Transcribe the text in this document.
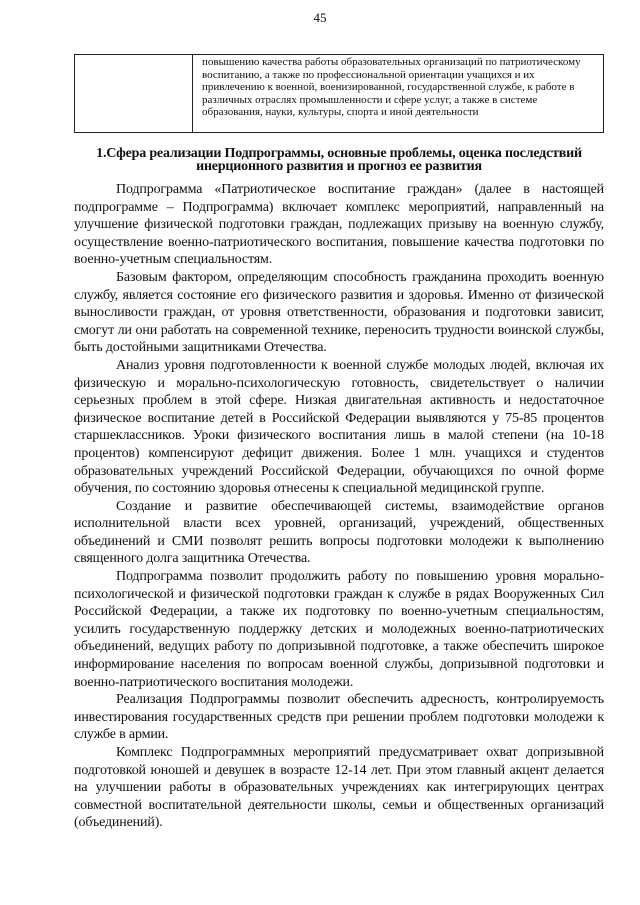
45
повышению качества работы образовательных организаций по патриотическому воспитанию, а также по профессиональной ориентации учащихся и их привлечению к военной, военизированной, государственной службе, к работе в различных отраслях промышленности и сфере услуг, а также в системе образования, науки, культуры, спорта и иной деятельности
1.Сфера реализации Подпрограммы, основные проблемы, оценка последствий инерционного развития и прогноз ее развития

Подпрограмма «Патриотическое воспитание граждан» (далее в настоящей подпрограмме – Подпрограмма) включает комплекс мероприятий, направленный на улучшение физической подготовки граждан, подлежащих призыву на военную службу, осуществление военно-патриотического воспитания, повышение качества подготовки по военно-учетным специальностям.

Базовым фактором, определяющим способность гражданина проходить военную службу, является состояние его физического развития и здоровья. Именно от физической выносливости граждан, от уровня ответственности, образования и подготовки зависит, смогут ли они работать на современной технике, переносить трудности воинской службы, быть достойными защитниками Отечества.

Анализ уровня подготовленности к военной службе молодых людей, включая их физическую и морально-психологическую готовность, свидетельствует о наличии серьезных проблем в этой сфере. Низкая двигательная активность и недостаточное физическое воспитание детей в Российской Федерации выявляются у 75-85 процентов старшеклассников. Уроки физического воспитания лишь в малой степени (на 10-18 процентов) компенсируют дефицит движения. Более 1 млн. учащихся и студентов образовательных учреждений Российской Федерации, обучающихся по очной форме обучения, по состоянию здоровья отнесены к специальной медицинской группе.

Создание и развитие обеспечивающей системы, взаимодействие органов исполнительной власти всех уровней, организаций, учреждений, общественных объединений и СМИ позволят решить вопросы подготовки молодежи к выполнению священного долга защитника Отечества.

Подпрограмма позволит продолжить работу по повышению уровня морально-психологической и физической подготовки граждан к службе в рядах Вооруженных Сил Российской Федерации, а также их подготовку по военно-учетным специальностям, усилить государственную поддержку детских и молодежных военно-патриотических объединений, ведущих работу по допризывной подготовке, а также обеспечить широкое информирование населения по вопросам военной службы, допризывной подготовки и военно-патриотического воспитания молодежи.

Реализация Подпрограммы позволит обеспечить адресность, контролируемость инвестирования государственных средств при решении проблем подготовки молодежи к службе в армии.

Комплекс Подпрограммных мероприятий предусматривает охват допризывной подготовкой юношей и девушек в возрасте 12-14 лет. При этом главный акцент делается на улучшении работы в образовательных учреждениях как интегрирующих центрах совместной воспитательной деятельности школы, семьи и общественных организаций (объединений).
